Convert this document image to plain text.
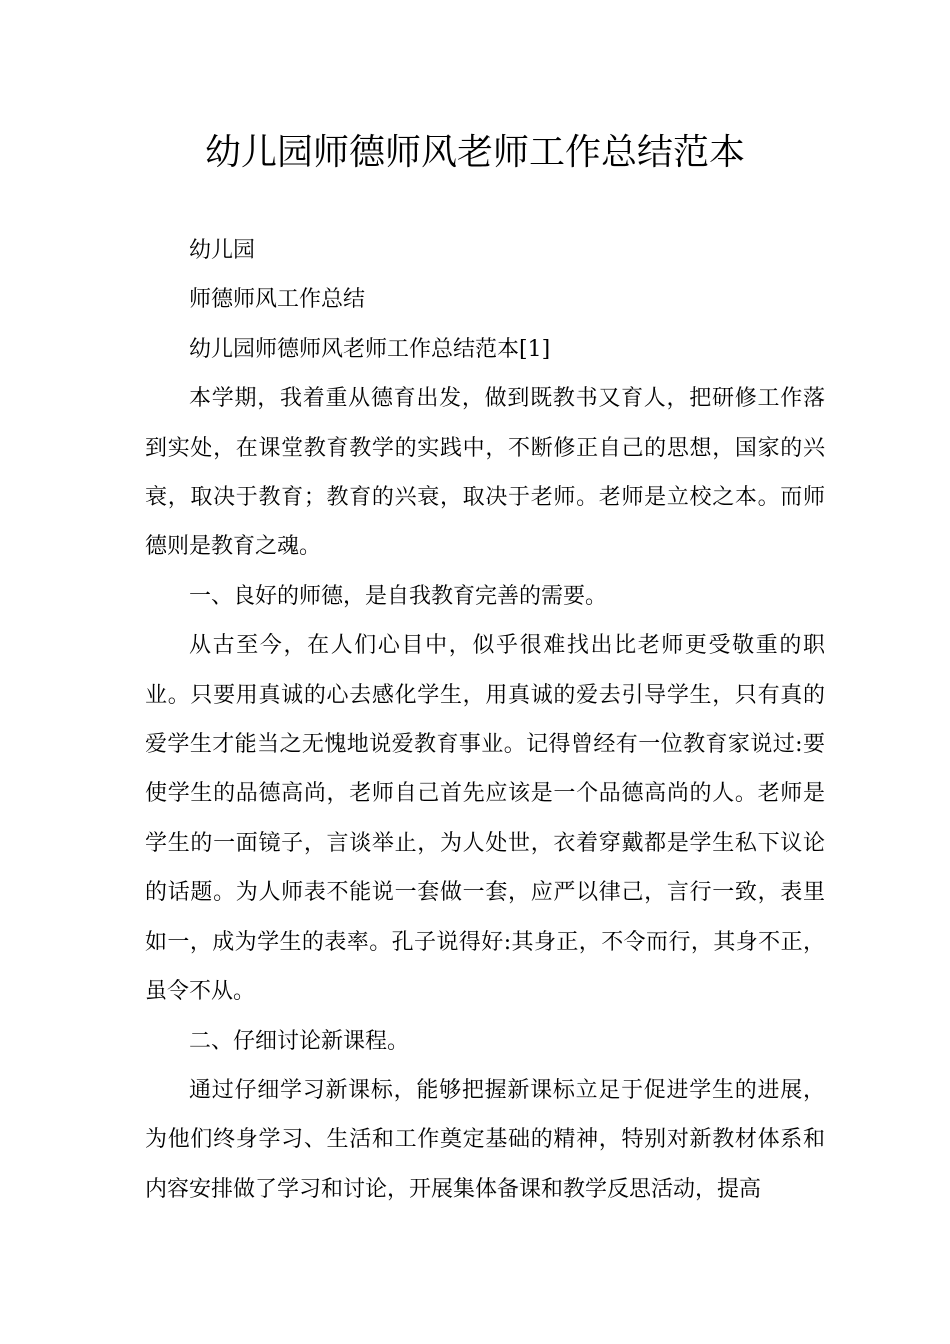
幼儿园师德师风老师工作总结范本

幼儿园

师德师风工作总结

幼儿园师德师风老师工作总结范本[1]

本学期，我着重从德育出发，做到既教书又育人，把研修工作落到实处，在课堂教育教学的实践中，不断修正自己的思想，国家的兴衰，取决于教育；教育的兴衰，取决于老师。老师是立校之本。而师德则是教育之魂。

一、良好的师德，是自我教育完善的需要。

从古至今，在人们心目中，似乎很难找出比老师更受敬重的职业。只要用真诚的心去感化学生，用真诚的爱去引导学生，只有真的爱学生才能当之无愧地说爱教育事业。记得曾经有一位教育家说过:要使学生的品德高尚，老师自己首先应该是一个品德高尚的人。老师是学生的一面镜子，言谈举止，为人处世，衣着穿戴都是学生私下议论的话题。为人师表不能说一套做一套，应严以律己，言行一致，表里如一，成为学生的表率。孔子说得好:其身正，不令而行，其身不正，虽令不从。

二、仔细讨论新课程。

通过仔细学习新课标，能够把握新课标立足于促进学生的进展，为他们终身学习、生活和工作奠定基础的精神，特别对新教材体系和内容安排做了学习和讨论，开展集体备课和教学反思活动，提高
